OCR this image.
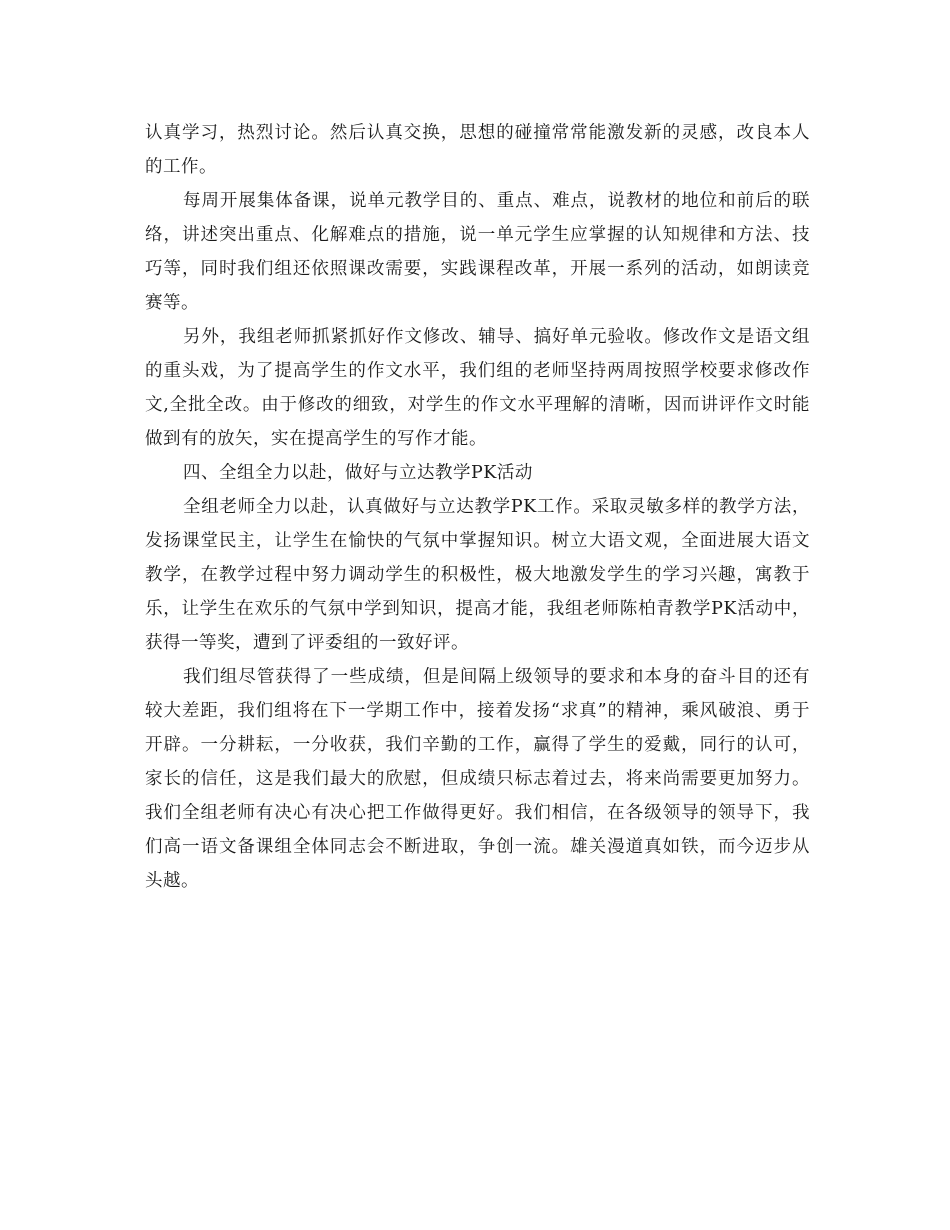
认真学习，热烈讨论。然后认真交换，思想的碰撞常常能激发新的灵感，改良本人的工作。

每周开展集体备课，说单元教学目的、重点、难点，说教材的地位和前后的联络，讲述突出重点、化解难点的措施，说一单元学生应掌握的认知规律和方法、技巧等，同时我们组还依照课改需要，实践课程改革，开展一系列的活动，如朗读竞赛等。

另外，我组老师抓紧抓好作文修改、辅导、搞好单元验收。修改作文是语文组的重头戏，为了提高学生的作文水平，我们组的老师坚持两周按照学校要求修改作文,全批全改。由于修改的细致，对学生的作文水平理解的清晰，因而讲评作文时能做到有的放矢，实在提高学生的写作才能。

四、全组全力以赴，做好与立达教学PK活动

全组老师全力以赴，认真做好与立达教学PK工作。采取灵敏多样的教学方法，发扬课堂民主，让学生在愉快的气氛中掌握知识。树立大语文观，全面进展大语文教学，在教学过程中努力调动学生的积极性，极大地激发学生的学习兴趣，寓教于乐，让学生在欢乐的气氛中学到知识，提高才能，我组老师陈柏青教学PK活动中，获得一等奖，遭到了评委组的一致好评。

我们组尽管获得了一些成绩，但是间隔上级领导的要求和本身的奋斗目的还有较大差距，我们组将在下一学期工作中，接着发扬“求真”的精神，乘风破浪、勇于开辟。一分耕耘，一分收获，我们辛勤的工作，赢得了学生的爱戴，同行的认可，家长的信任，这是我们最大的欣慰，但成绩只标志着过去，将来尚需要更加努力。我们全组老师有决心有决心把工作做得更好。我们相信，在各级领导的领导下，我们高一语文备课组全体同志会不断进取，争创一流。雄关漫道真如铁，而今迈步从头越。
